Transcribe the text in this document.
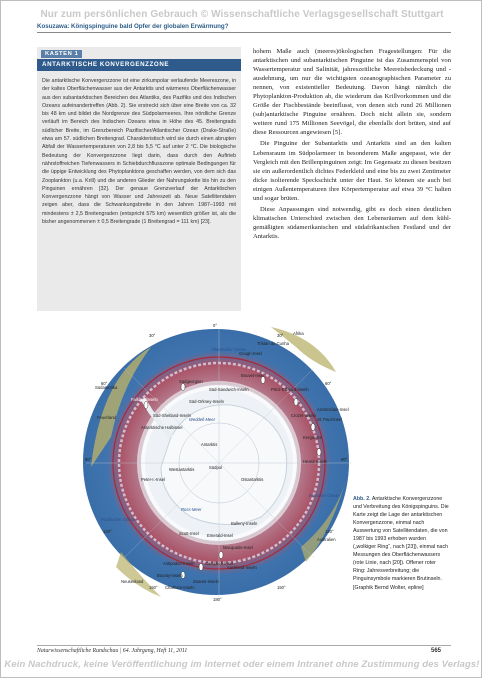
Nur zum persönlichen Gebrauch © Wissenschaftliche Verlagsgesellschaft Stuttgart
Kosuzawa: Königspinguine bald Opfer der globalen Erwärmung?
KASTEN 1
ANTARKTISCHE KONVERGENZZONE
Die antarktische Konvergenzzone ist eine zirkumpolar verlaufende Meereszone, in der kaltes Oberflächenwasser aus der Antarktis und wärmeres Oberflächenwasser aus den subantarktischen Bereichen des Atlantiks, des Pazifiks und des Indischen Ozeans aufeinandertreffen (Abb. 2). Sie erstreckt sich über eine Breite von ca. 32 bis 48 km und bildet die Nordgrenze des Südpolarmeeres. Ihre nördliche Grenze verläuft im Bereich des Indischen Ozeans etwa in Höhe des 45. Breitengrads südlicher Breite, im Grenzbereich Pazifischer/Atlantischer Ozean (Drake-Straße) etwa am 57. südlichen Breitengrad. Charakteristisch wird sie durch einen abrupten Abfall der Wassertemperaturen von 2,8 bis 5,5 °C auf unter 2 °C. Die biologische Bedeutung der Konvergenzzone liegt darin, dass durch den Auftrieb nährstoffreichen Tiefenwassers in Schiebdurchflusszone optimale Bedingungen für die üppige Entwicklung des Phytoplanktons geschaffen werden, von dem sich das Zooplankton (u.a. Krill) und die anderen Glieder der Nahrungskette bis hin zu den Pinguinen ernähren [32]. Der genaue Grenzverlauf der Antarktischen Konvergenzzone hängt von Wasser und Jahreszeit ab. Neue Satellitendaten zeigen aber, dass die Schwankungsbreite in den Jahren 1987–1993 mit mindestens ± 2,5 Breitengraden (entspricht 575 km) wesentlich größer ist, als die bisher angenommenen ± 0,5 Breitengrade (1 Breitengrad = 111 km) [23].

hohem Maße auch (meeres)ökologischen Fragestellungen: Für die antarktischen und subantarktischen Pinguine ist das Zusammenspiel von Wassertemperatur und Salinität, jahreszeitliche Meereisbedeckung und -ausdehnung, um nur die wichtigsten ozeanographischen Parameter zu nennen, von existentieller Bedeutung. Davon hängt nämlich die Phytoplankton-Produktion ab, die wiederum das Krillvorkommen und die Größe der Fischbestände beeinflusst, von denen sich rund 26 Millionen (sub)antarktische Pinguine ernähren. Doch nicht allein sie, sondern weitere rund 175 Millionen Seevögel, die ebenfalls dort brüten, sind auf diese Ressourcen angewiesen [5].

Die Pinguine der Subantarktis und Antarktis sind an den kalten Lebensraum im Südpolarmeer in besonderem Maße angepasst, wie der Vergleich mit den Brillenpinguinen zeigt: Im Gegensatz zu diesen besitzen sie ein außerordentlich dichtes Federkleid und eine bis zu zwei Zentimeter dicke isolierende Speckschicht unter der Haut. So können sie auch bei einigen Außentemperaturen ihre Körpertemperatur auf etwa 39 °C halten und sogar brüten.

Diese Anpassungen sind notwendig, gibt es doch einen deutlichen klimatischen Unterschied zwischen den Lebensräumen auf dem kühl-gemäßigten südamerikanischen und südafrikanischen Festland und der Antarktis.

Südpol
Antarktis
Südamerika
Afrika
Australien
Neuseeland
Antarktische Halbinsel
Ostantarktis
Westantarktis
Ross-Meer
Weddell-Meer
Atlantischer Ozean
Indischer Ozean
Pazifischer Ozean
Falklandinseln
Südgeorgien
Bouvet-Insel
Prinz-Edward-Inseln
Crozet-Inseln
Kerguelen
Heard-Inseln
Macquarie-Insel
Campbell-Insel
Auckland-Inseln
Antipoden-Inseln
Bounty-Inseln
Snares-Inseln
Chatham-Inseln
Süd-Orkney-Inseln
Süd-Sandwich-Inseln
Süd-Shetland-Inseln
Feuerland
Gough-Insel
Tristan da Cunha
Amsterdam-Insel
St. Paul-Insel
Balleny-Inseln
Scott-Insel
Peter-I.-Insel
Emerald-Insel
0°
30°
60°
90°
120°
150°
180°
150°
120°
90°
60°
30°
Abb. 2. Antarktische Konvergenzzone und Verbreitung des Königspinguins. Die Karte zeigt die Lage der antarktischen Konvergenzzone, einmal nach Auswertung von Satellitendaten, die von 1987 bis 1993 erhoben wurden („wolkiger Ring“, nach [23]), einmal nach Messungen des Oberflächenwassers (rote Linie, nach [20]). Offener roter Ring: Jahresverbreitung; die Pinguinsymbole markieren Brutinseln. [Graphik Bernd Wolter, epline]
Naturwissenschaftliche Rundschau | 64. Jahrgang, Heft 11, 2011	565
Kein Nachdruck, keine Veröffentlichung im Internet oder einem Intranet ohne Zustimmung des Verlags!
